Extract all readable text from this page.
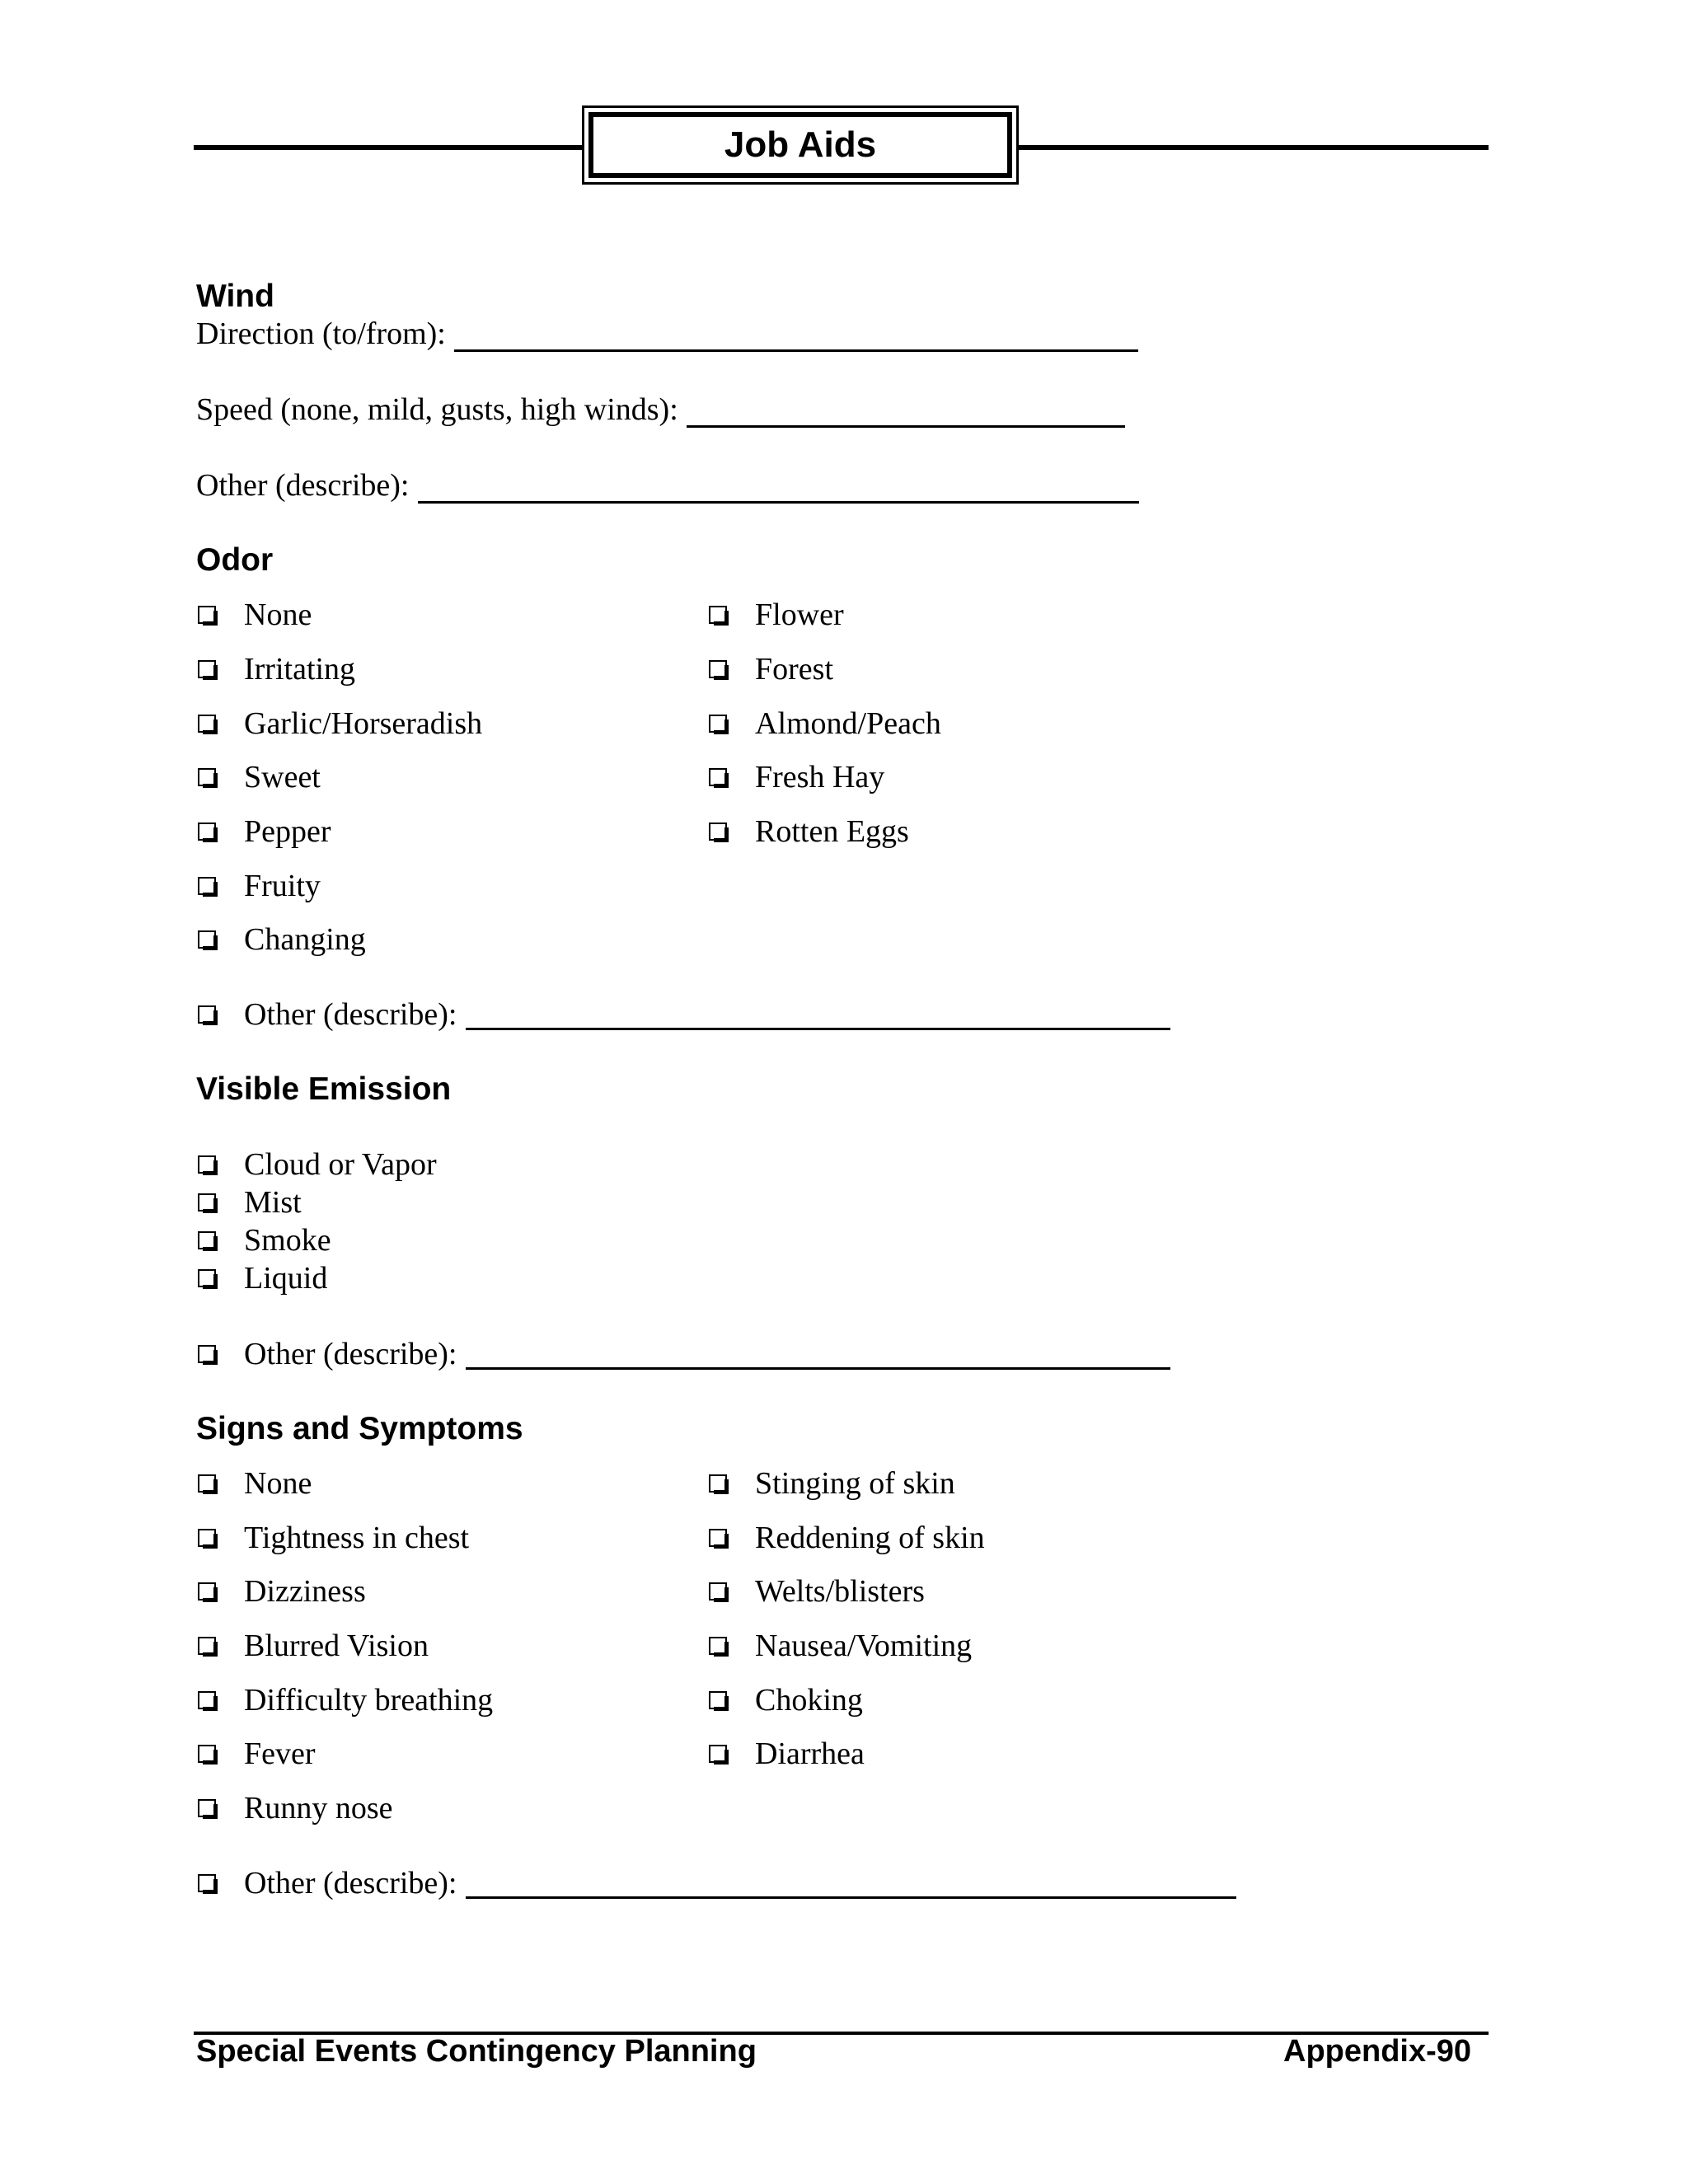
Job Aids
Wind
Direction (to/from):
Speed (none, mild, gusts, high winds):
Other (describe):
Odor
None
Irritating
Garlic/Horseradish
Sweet
Pepper
Fruity
Changing
Flower
Forest
Almond/Peach
Fresh Hay
Rotten Eggs
Other (describe):
Visible Emission
Cloud or Vapor
Mist
Smoke
Liquid
Other (describe):
Signs and Symptoms
None
Tightness in chest
Dizziness
Blurred Vision
Difficulty breathing
Fever
Runny nose
Stinging of skin
Reddening of skin
Welts/blisters
Nausea/Vomiting
Choking
Diarrhea
Other (describe):
Special Events Contingency Planning	Appendix-90
